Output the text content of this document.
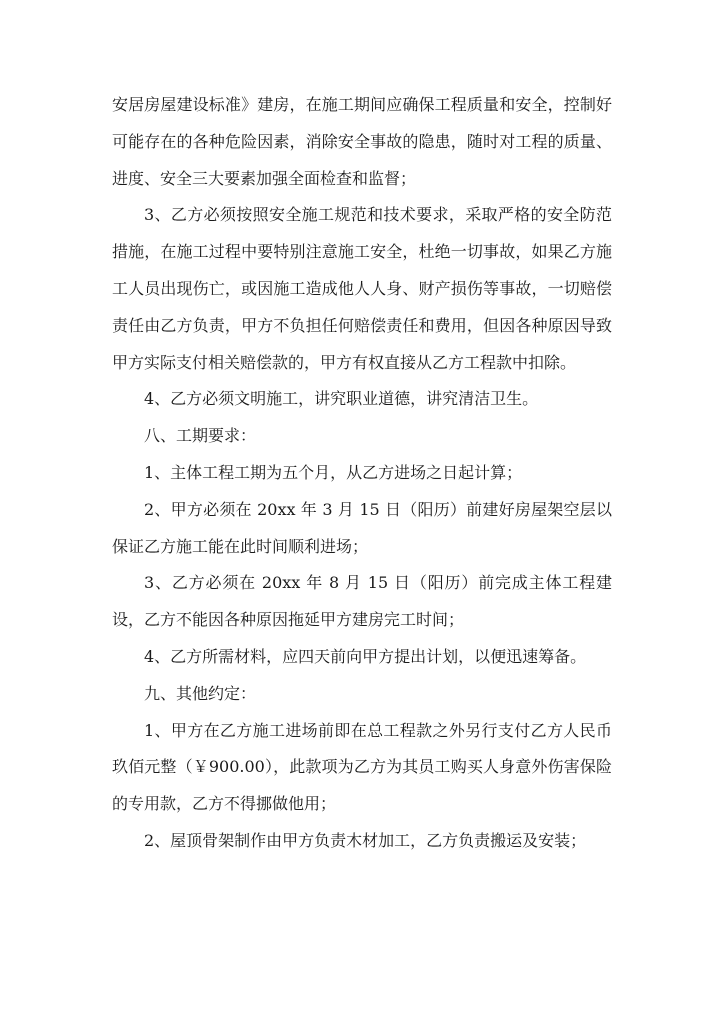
安居房屋建设标准》建房，在施工期间应确保工程质量和安全，控制好可能存在的各种危险因素，消除安全事故的隐患，随时对工程的质量、进度、安全三大要素加强全面检查和监督；

3、乙方必须按照安全施工规范和技术要求，采取严格的安全防范措施，在施工过程中要特别注意施工安全，杜绝一切事故，如果乙方施工人员出现伤亡，或因施工造成他人人身、财产损伤等事故，一切赔偿责任由乙方负责，甲方不负担任何赔偿责任和费用，但因各种原因导致甲方实际支付相关赔偿款的，甲方有权直接从乙方工程款中扣除。

4、乙方必须文明施工，讲究职业道德，讲究清洁卫生。

八、工期要求：

1、主体工程工期为五个月，从乙方进场之日起计算；

2、甲方必须在 20xx 年 3 月 15 日（阳历）前建好房屋架空层以保证乙方施工能在此时间顺利进场；

3、乙方必须在 20xx 年 8 月 15 日（阳历）前完成主体工程建设，乙方不能因各种原因拖延甲方建房完工时间；

4、乙方所需材料，应四天前向甲方提出计划，以便迅速筹备。

九、其他约定：

1、甲方在乙方施工进场前即在总工程款之外另行支付乙方人民币玖佰元整（￥900.00），此款项为乙方为其员工购买人身意外伤害保险的专用款，乙方不得挪做他用；

2、屋顶骨架制作由甲方负责木材加工，乙方负责搬运及安装；
